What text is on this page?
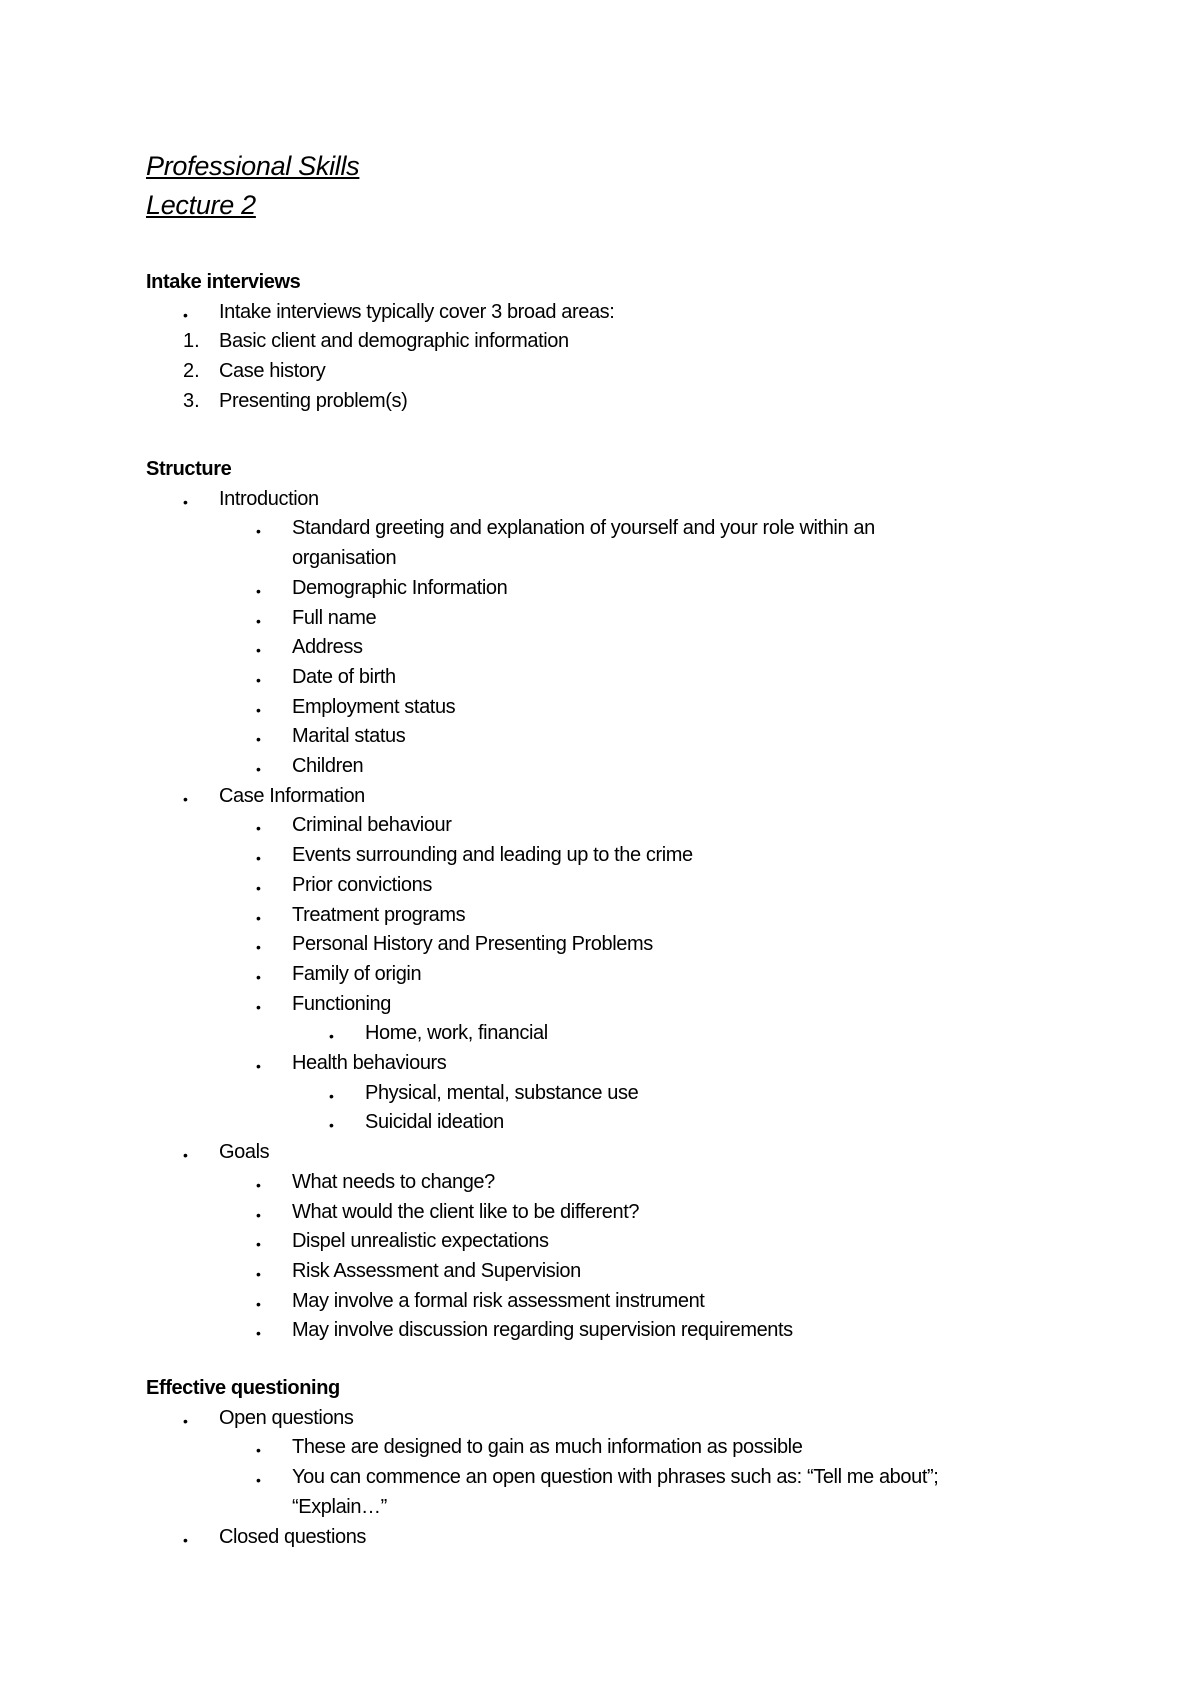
Professional Skills
Lecture 2
Intake interviews
• Intake interviews typically cover 3 broad areas:
1. Basic client and demographic information
2. Case history
3. Presenting problem(s)
Structure
• Introduction
• Standard greeting and explanation of yourself and your role within an
organisation
• Demographic Information
• Full name
• Address
• Date of birth
• Employment status
• Marital status
• Children
• Case Information
• Criminal behaviour
• Events surrounding and leading up to the crime
• Prior convictions
• Treatment programs
• Personal History and Presenting Problems
• Family of origin
• Functioning
• Home, work, financial
• Health behaviours
• Physical, mental, substance use
• Suicidal ideation
• Goals
• What needs to change?
• What would the client like to be different?
• Dispel unrealistic expectations
• Risk Assessment and Supervision
• May involve a formal risk assessment instrument
• May involve discussion regarding supervision requirements
Effective questioning
• Open questions
• These are designed to gain as much information as possible
• You can commence an open question with phrases such as: “Tell me about”;
“Explain…”
• Closed questions
